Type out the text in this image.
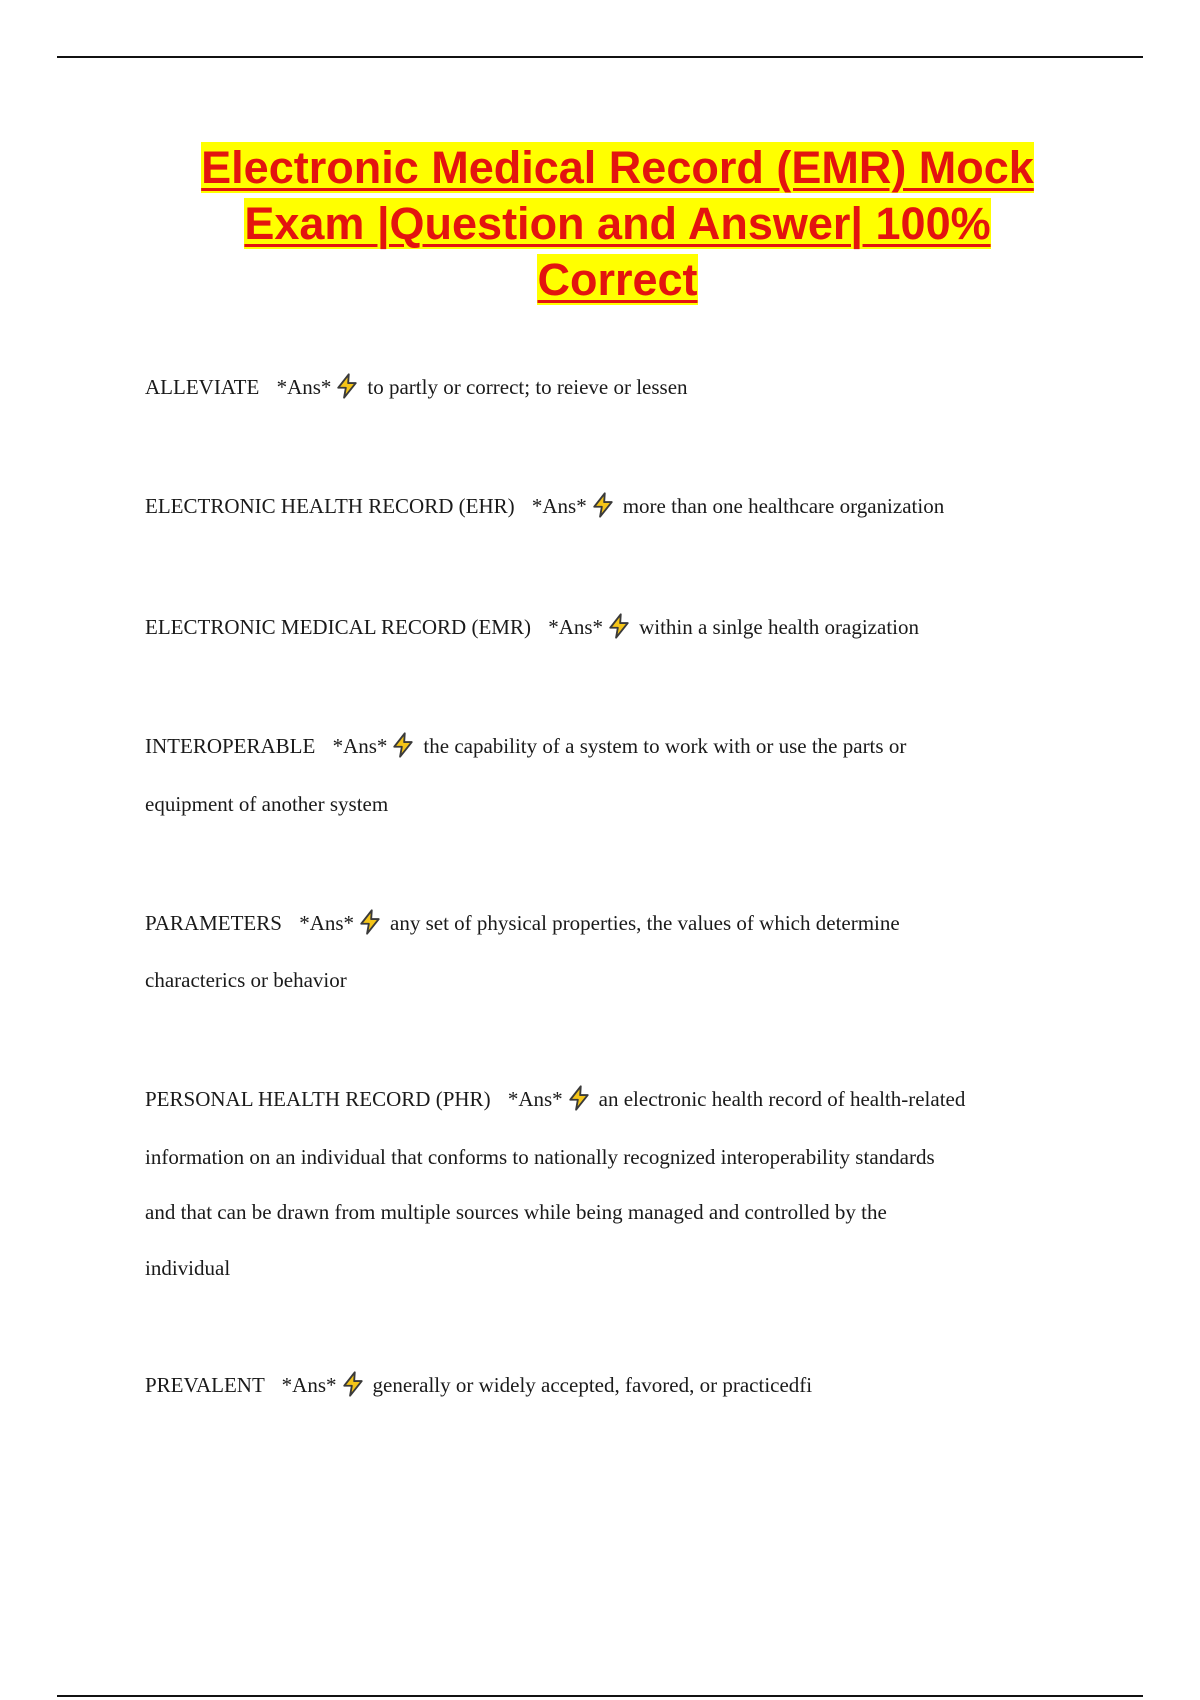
Electronic Medical Record (EMR) Mock
Exam |Question and Answer| 100%
Correct
ALLEVIATE *Ans* to partly or correct; to reieve or lessen
ELECTRONIC HEALTH RECORD (EHR) *Ans* more than one healthcare organization
ELECTRONIC MEDICAL RECORD (EMR) *Ans* within a sinlge health oragization
INTEROPERABLE *Ans* the capability of a system to work with or use the parts or
equipment of another system
PARAMETERS *Ans* any set of physical properties, the values of which determine
characterics or behavior
PERSONAL HEALTH RECORD (PHR) *Ans* an electronic health record of health-related
information on an individual that conforms to nationally recognized interoperability standards
and that can be drawn from multiple sources while being managed and controlled by the
individual
PREVALENT *Ans* generally or widely accepted, favored, or practicedfi
